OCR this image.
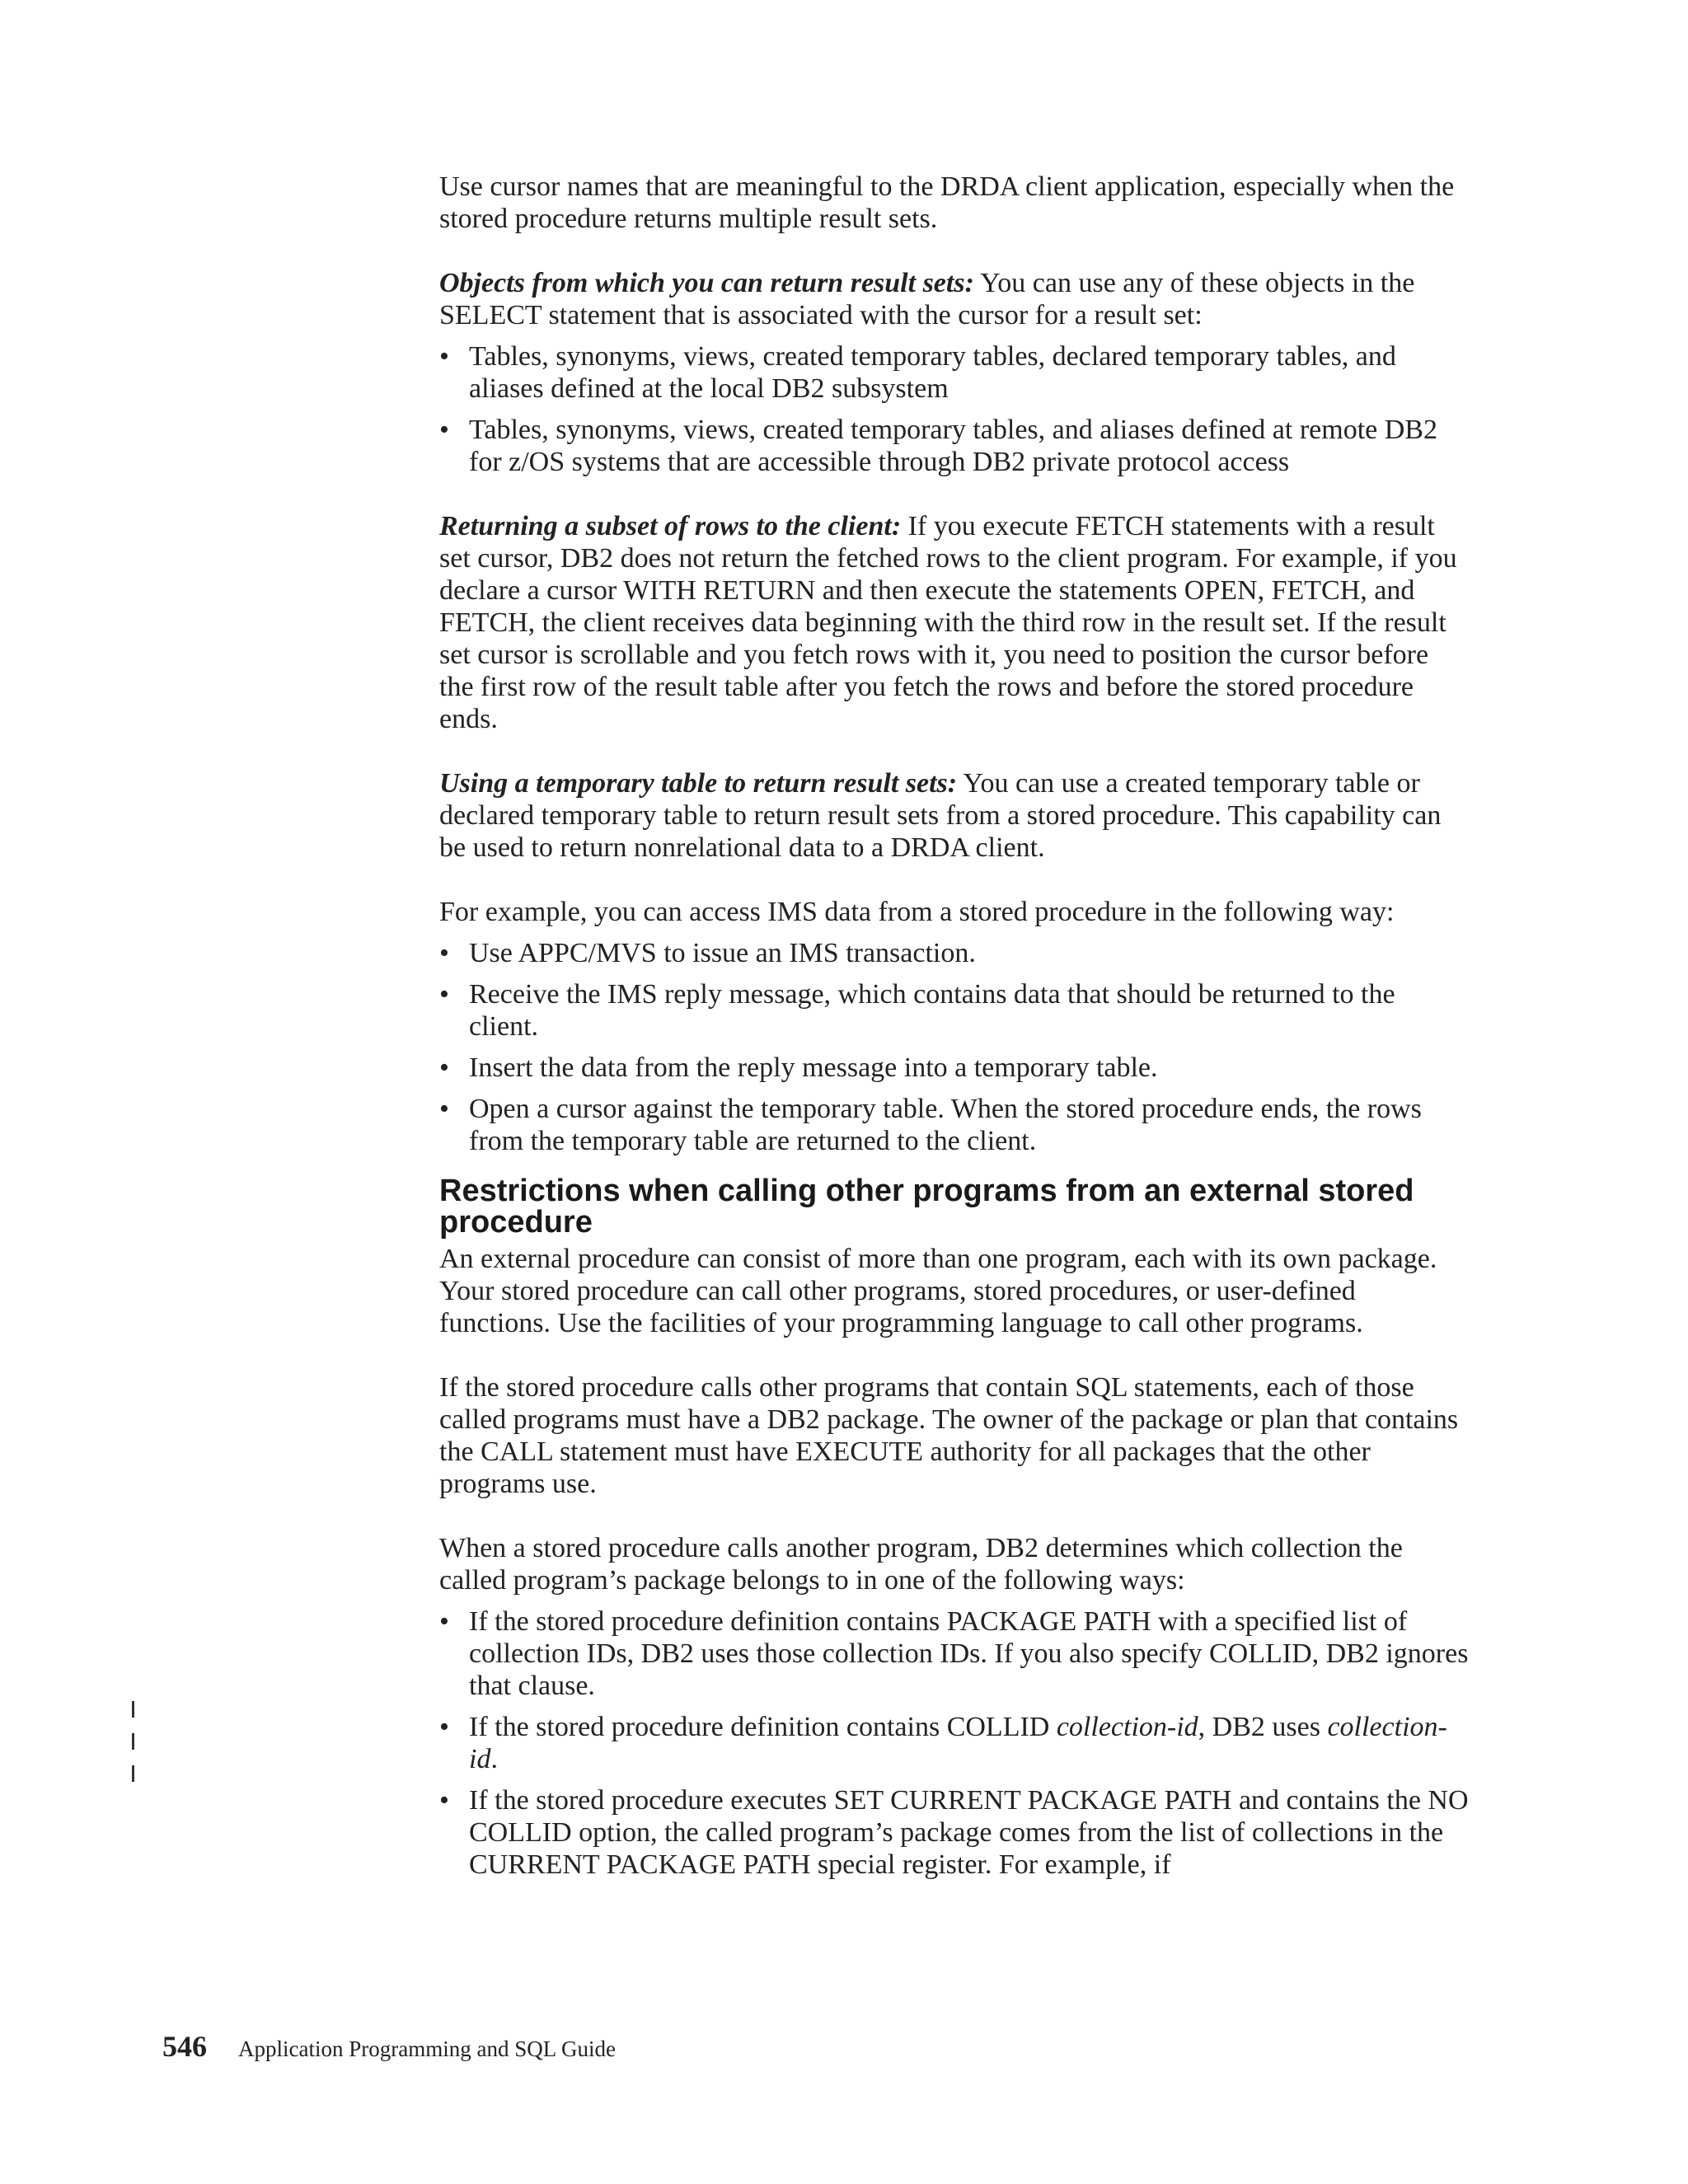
Use cursor names that are meaningful to the DRDA client application, especially when the stored procedure returns multiple result sets.

Objects from which you can return result sets: You can use any of these objects in the SELECT statement that is associated with the cursor for a result set:

• Tables, synonyms, views, created temporary tables, declared temporary tables, and aliases defined at the local DB2 subsystem
• Tables, synonyms, views, created temporary tables, and aliases defined at remote DB2 for z/OS systems that are accessible through DB2 private protocol access

Returning a subset of rows to the client: If you execute FETCH statements with a result set cursor, DB2 does not return the fetched rows to the client program. For example, if you declare a cursor WITH RETURN and then execute the statements OPEN, FETCH, and FETCH, the client receives data beginning with the third row in the result set. If the result set cursor is scrollable and you fetch rows with it, you need to position the cursor before the first row of the result table after you fetch the rows and before the stored procedure ends.

Using a temporary table to return result sets: You can use a created temporary table or declared temporary table to return result sets from a stored procedure. This capability can be used to return nonrelational data to a DRDA client.

For example, you can access IMS data from a stored procedure in the following way:

• Use APPC/MVS to issue an IMS transaction.
• Receive the IMS reply message, which contains data that should be returned to the client.
• Insert the data from the reply message into a temporary table.
• Open a cursor against the temporary table. When the stored procedure ends, the rows from the temporary table are returned to the client.
Restrictions when calling other programs from an external stored procedure

An external procedure can consist of more than one program, each with its own package. Your stored procedure can call other programs, stored procedures, or user-defined functions. Use the facilities of your programming language to call other programs.

If the stored procedure calls other programs that contain SQL statements, each of those called programs must have a DB2 package. The owner of the package or plan that contains the CALL statement must have EXECUTE authority for all packages that the other programs use.

When a stored procedure calls another program, DB2 determines which collection the called program’s package belongs to in one of the following ways:

• If the stored procedure definition contains PACKAGE PATH with a specified list of collection IDs, DB2 uses those collection IDs. If you also specify COLLID, DB2 ignores that clause.
• If the stored procedure definition contains COLLID collection-id, DB2 uses collection-id.
• If the stored procedure executes SET CURRENT PACKAGE PATH and contains the NO COLLID option, the called program’s package comes from the list of collections in the CURRENT PACKAGE PATH special register. For example, if
546 Application Programming and SQL Guide
